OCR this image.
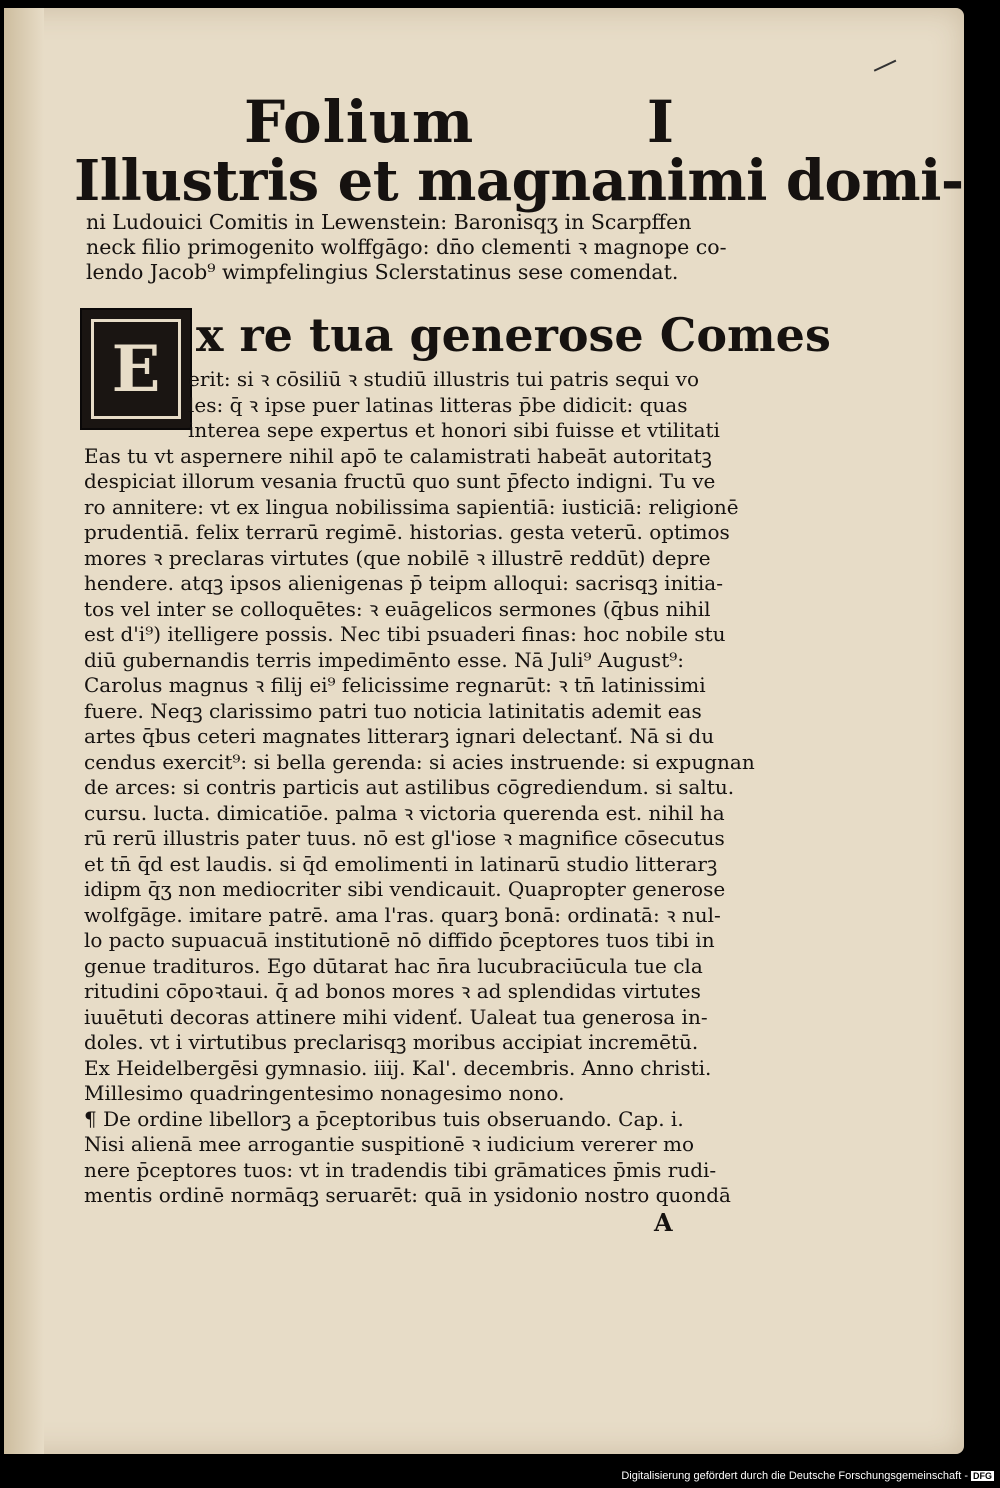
Folium	I
Illustris et magnanimi domi-
ni Ludouici Comitis in Lewenstein: Baronisqʒ in Scarpffen
neck filio primogenito wolffgāgo: dn̄o clementi ꝛ magnope co-
lendo Jacob⁹ wimpfelingius Sclerstatinus sese comendat.
E x re tua generose Comes
erit: si ꝛ cōsiliū ꝛ studiū illustris tui patris sequi vo
les: q̄ ꝛ ipse puer latinas litteras p̄be didicit: quas
interea sepe expertus et honori sibi fuisse et vtilitati
Eas tu vt aspernere nihil apō te calamistrati habeāt autoritatꝫ
despiciat illorum vesania fructū quo sunt p̄fecto indigni. Tu ve
ro annitere: vt ex lingua nobilissima sapientiā: iusticiā: religionē
prudentiā. felix terrarū regimē. historias. gesta veterū. optimos
mores ꝛ preclaras virtutes (que nobilē ꝛ illustrē reddūt) depre
hendere. atqꝫ ipsos alienigenas p̄ teipm alloqui: sacrisqꝫ initia-
tos vel inter se colloquētes: ꝛ euāgelicos sermones (q̄bus nihil
est d'i⁹) itelligere possis. Nec tibi psuaderi finas: hoc nobile stu
diū gubernandis terris impedimēnto esse. Nā Juli⁹ August⁹:
Carolus magnus ꝛ filij ei⁹ felicissime regnarūt: ꝛ tn̄ latinissimi
fuere. Neqꝫ clarissimo patri tuo noticia latinitatis ademit eas
artes q̄bus ceteri magnates litterarꝫ ignari delectanť. Nā si du
cendus exercit⁹: si bella gerenda: si acies instruende: si expugnan
de arces: si contris particis aut astilibus cōgrediendum. si saltu.
cursu. lucta. dimicatiōe. palma ꝛ victoria querenda est. nihil ha
rū rerū illustris pater tuus. nō est gl'iose ꝛ magnifice cōsecutus
et tn̄ q̄d est laudis. si q̄d emolimenti in latinarū studio litterarꝫ
idipm q̄ʒ non mediocriter sibi vendicauit. Quapropter generose
wolfgāge. imitare patrē. ama l'ras. quarꝫ bonā: ordinatā: ꝛ nul-
lo pacto supuacuā institutionē nō diffido p̄ceptores tuos tibi in
genue tradituros. Ego dūtarat hac n̄ra lucubraciūcula tue cla
ritudini cōpoꝛtaui. q̄ ad bonos mores ꝛ ad splendidas virtutes
iuuētuti decoras attinere mihi videnť. Ualeat tua generosa in-
doles. vt i virtutibus preclarisqꝫ moribus accipiat incremētū.
Ex Heidelbergēsi gymnasio. iiij. Kal'. decembris. Anno christi.
Millesimo quadringentesimo nonagesimo nono.
¶ De ordine libellorꝫ a p̄ceptoribus tuis obseruando. Cap. i.
Nisi alienā mee arrogantie suspitionē ꝛ iudicium vererer mo
nere p̄ceptores tuos: vt in tradendis tibi grāmatices p̄mis rudi-
mentis ordinē normāqꝫ seruarēt: quā in ysidonio nostro quondā
A
Digitalisierung gefördert durch die Deutsche Forschungsgemeinschaft - DFG
